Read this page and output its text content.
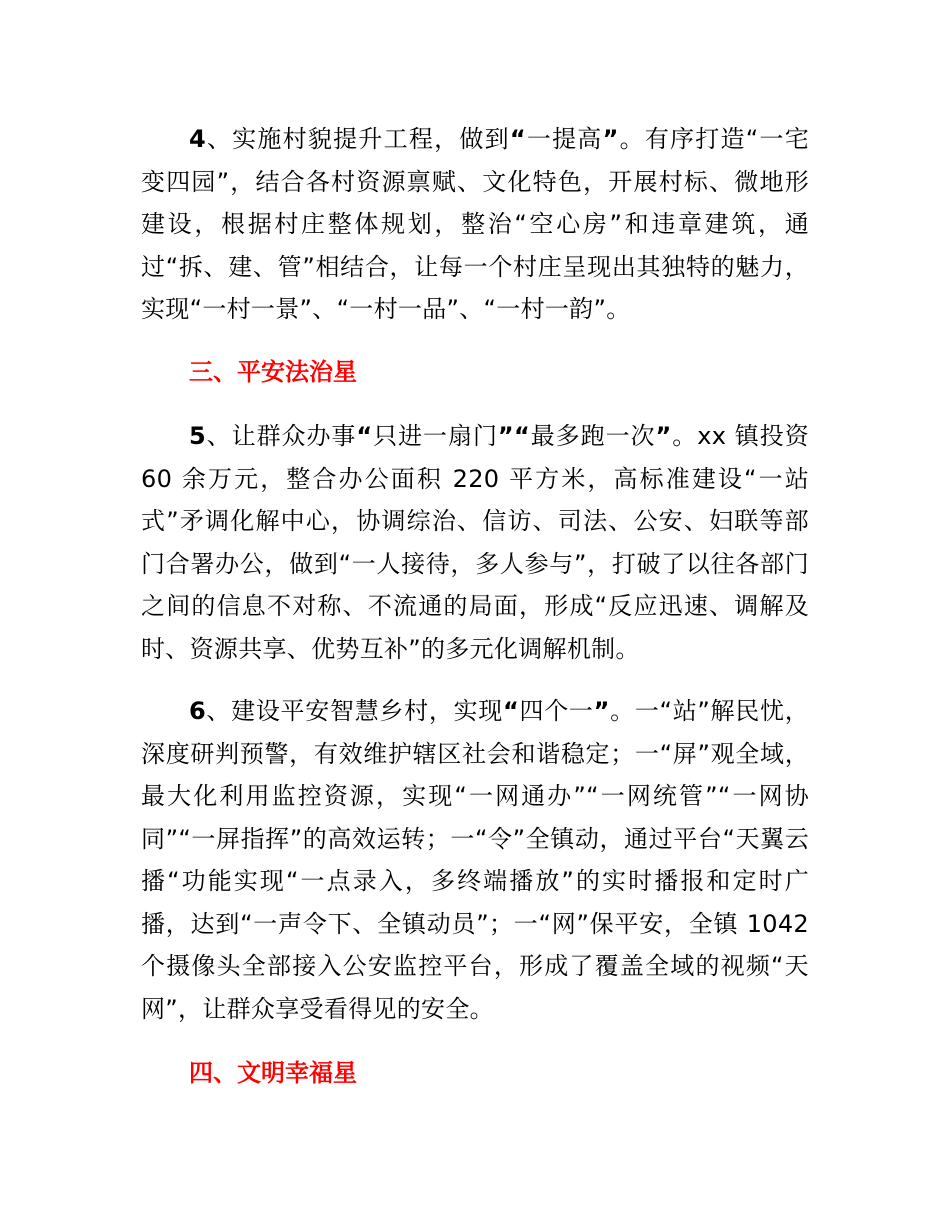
4、实施村貌提升工程，做到“一提高”。有序打造“一宅变四园”，结合各村资源禀赋、文化特色，开展村标、微地形建设，根据村庄整体规划，整治“空心房”和违章建筑，通过“拆、建、管”相结合，让每一个村庄呈现出其独特的魅力，实现“一村一景”、“一村一品”、“一村一韵”。

三、平安法治星

5、让群众办事“只进一扇门”“最多跑一次”。xx 镇投资 60 余万元，整合办公面积 220 平方米，高标准建设“一站式”矛调化解中心，协调综治、信访、司法、公安、妇联等部门合署办公，做到“一人接待，多人参与”，打破了以往各部门之间的信息不对称、不流通的局面，形成“反应迅速、调解及时、资源共享、优势互补”的多元化调解机制。

6、建设平安智慧乡村，实现“四个一”。一“站”解民忧，深度研判预警，有效维护辖区社会和谐稳定；一“屏”观全域，最大化利用监控资源，实现“一网通办”“一网统管”“一网协同”“一屏指挥”的高效运转；一“令”全镇动，通过平台“天翼云播“功能实现“一点录入，多终端播放”的实时播报和定时广播，达到“一声令下、全镇动员”；一“网”保平安，全镇 1042 个摄像头全部接入公安监控平台，形成了覆盖全域的视频“天网”，让群众享受看得见的安全。

四、文明幸福星
